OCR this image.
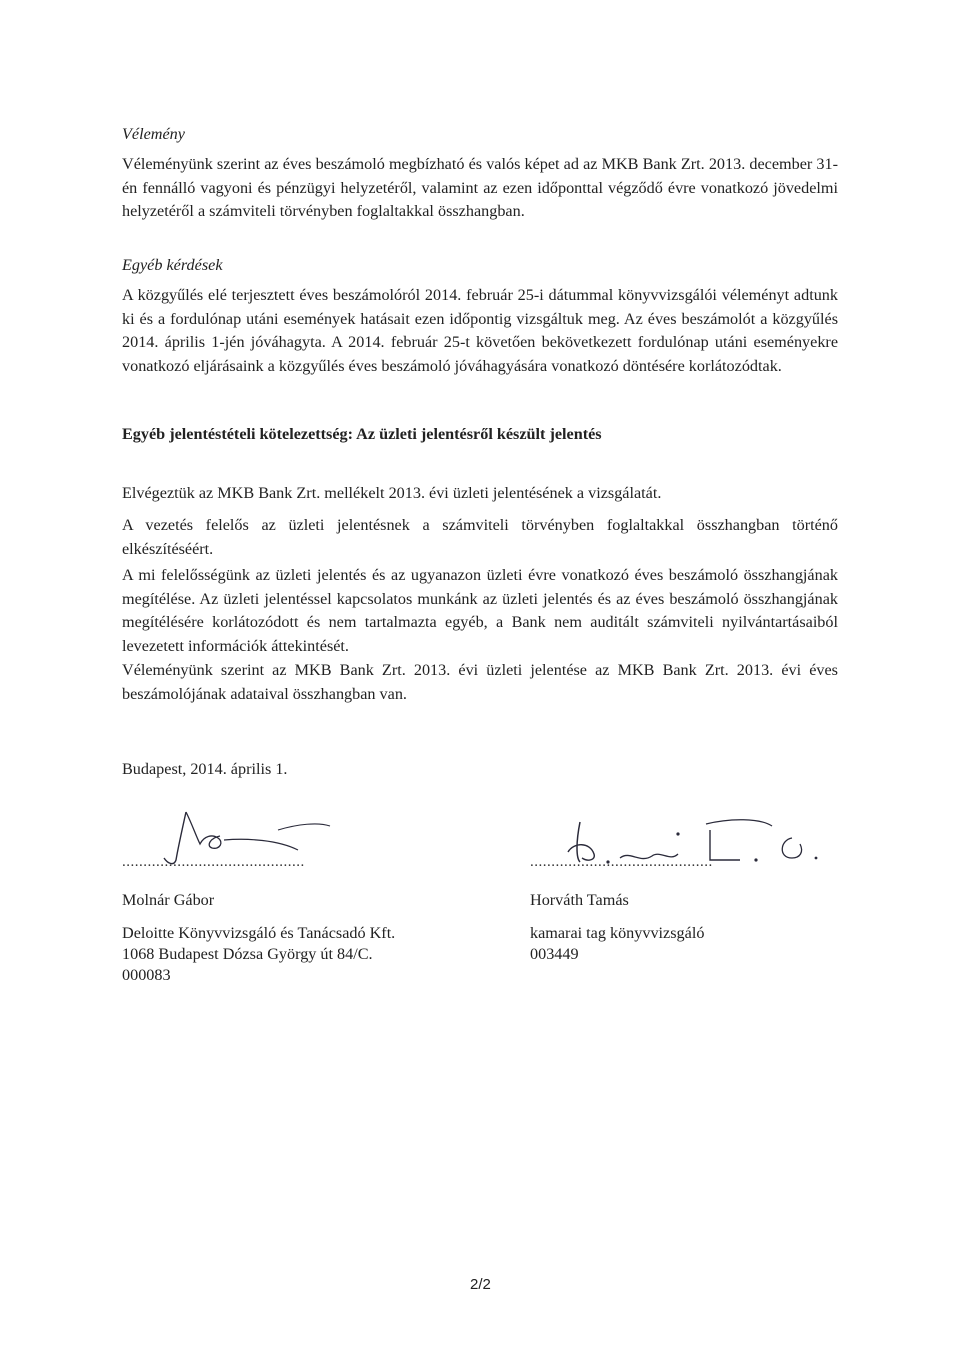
Vélemény
Véleményünk szerint az éves beszámoló megbízható és valós képet ad az MKB Bank Zrt. 2013. december 31-én fennálló vagyoni és pénzügyi helyzetéről, valamint az ezen időponttal végződő évre vonatkozó jövedelmi helyzetéről a számviteli törvényben foglaltakkal összhangban.
Egyéb kérdések
A közgyűlés elé terjesztett éves beszámolóról 2014. február 25-i dátummal könyvvizsgálói véleményt adtunk ki és a fordulónap utáni események hatásait ezen időpontig vizsgáltuk meg. Az éves beszámolót a közgyűlés 2014. április 1-jén jóváhagyta. A 2014. február 25-t követően bekövetkezett fordulónap utáni eseményekre vonatkozó eljárásaink a közgyűlés éves beszámoló jóváhagyására vonatkozó döntésére korlátozódtak.
Egyéb jelentéstételi kötelezettség: Az üzleti jelentésről készült jelentés
Elvégeztük az MKB Bank Zrt. mellékelt 2013. évi üzleti jelentésének a vizsgálatát.
A vezetés felelős az üzleti jelentésnek a számviteli törvényben foglaltakkal összhangban történő elkészítéséért.
A mi felelősségünk az üzleti jelentés és az ugyanazon üzleti évre vonatkozó éves beszámoló összhangjának megítélése. Az üzleti jelentéssel kapcsolatos munkánk az üzleti jelentés és az éves beszámoló összhangjának megítélésére korlátozódott és nem tartalmazta egyéb, a Bank nem auditált számviteli nyilvántartásaiból levezetett információk áttekintését.
Véleményünk szerint az MKB Bank Zrt. 2013. évi üzleti jelentése az MKB Bank Zrt. 2013. évi éves beszámolójának adataival összhangban van.
Budapest, 2014. április 1.
...........................................
Molnár Gábor
Deloitte Könyvvizsgáló és Tanácsadó Kft.
1068 Budapest Dózsa György út 84/C.
000083
...........................................
Horváth Tamás
kamarai tag könyvvizsgáló
003449
2/2
